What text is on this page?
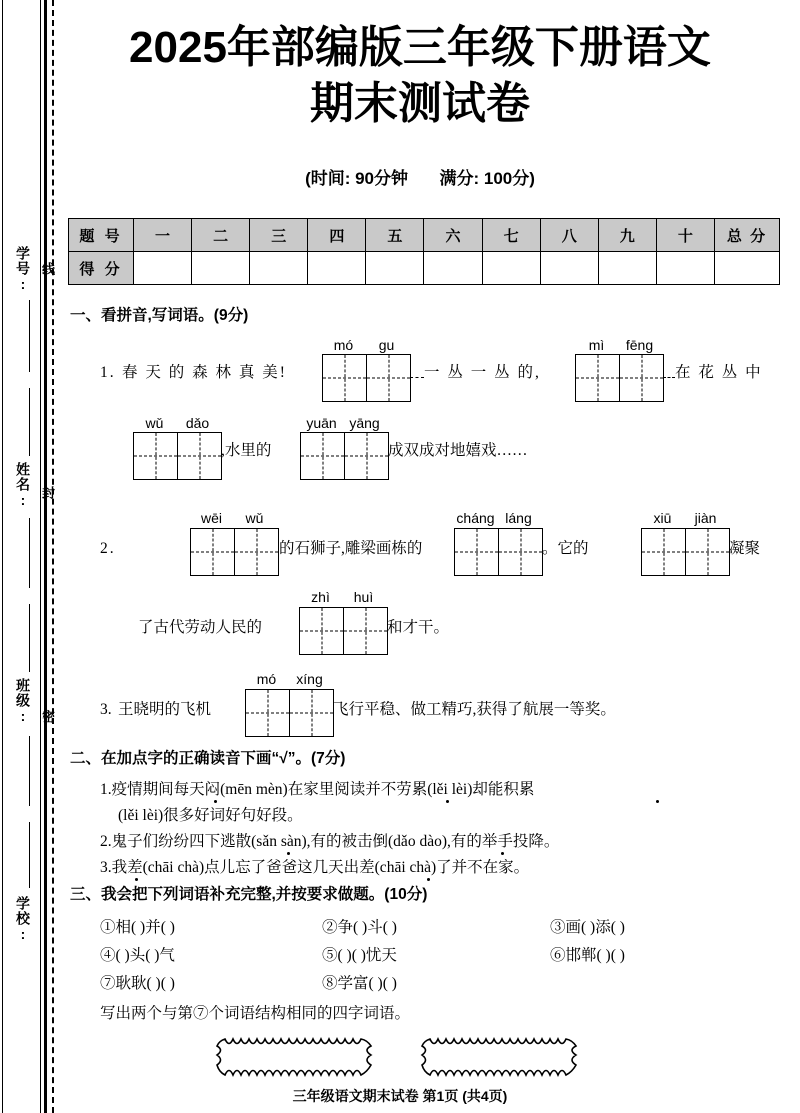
学号:
姓名:
班级:
学校:
线
封
密
2025年部编版三年级下册语文
期末测试卷
(时间: 90分钟 满分: 100分)
题 号	一	二	三	四	五	六	七	八	九	十	总 分
得 分											
一、看拼音,写词语。(9分)
1. 春 天 的 森 林 真 美!
mó	gu
一 丛 一 丛 的,
mì	fēng
在 花 丛 中
wǔ	dǎo
,水里的
yuān yāng
成双成对地嬉戏……
2.
wēi	wǔ
的石狮子,雕梁画栋的
cháng láng
。它的
xiū	jiàn
凝聚
了古代劳动人民的
zhì	huì
和才干。
3. 王晓明的飞机
mó	xíng
飞行平稳、做工精巧,获得了航展一等奖。
二、在加点字的正确读音下画“√”。(7分)
1.疫情期间每天闷(mēn mèn)在家里阅读并不劳累(lěi lèi)却能积累
(lěi lèi)很多好词好句好段。
2.鬼子们纷纷四下逃散(sǎn sàn),有的被击倒(dǎo dào),有的举手投降。
3.我差(chāi chà)点儿忘了爸爸这几天出差(chāi chà)了并不在家。
三、我会把下列词语补充完整,并按要求做题。(10分)
①相( )并( )	②争( )斗( )	③画( )添( )
④( )头( )气	⑤( )( )忧天	⑥邯郸( )( )
⑦耿耿( )( )	⑧学富( )( )
写出两个与第⑦个词语结构相同的四字词语。
三年级语文期末试卷 第1页 (共4页)
